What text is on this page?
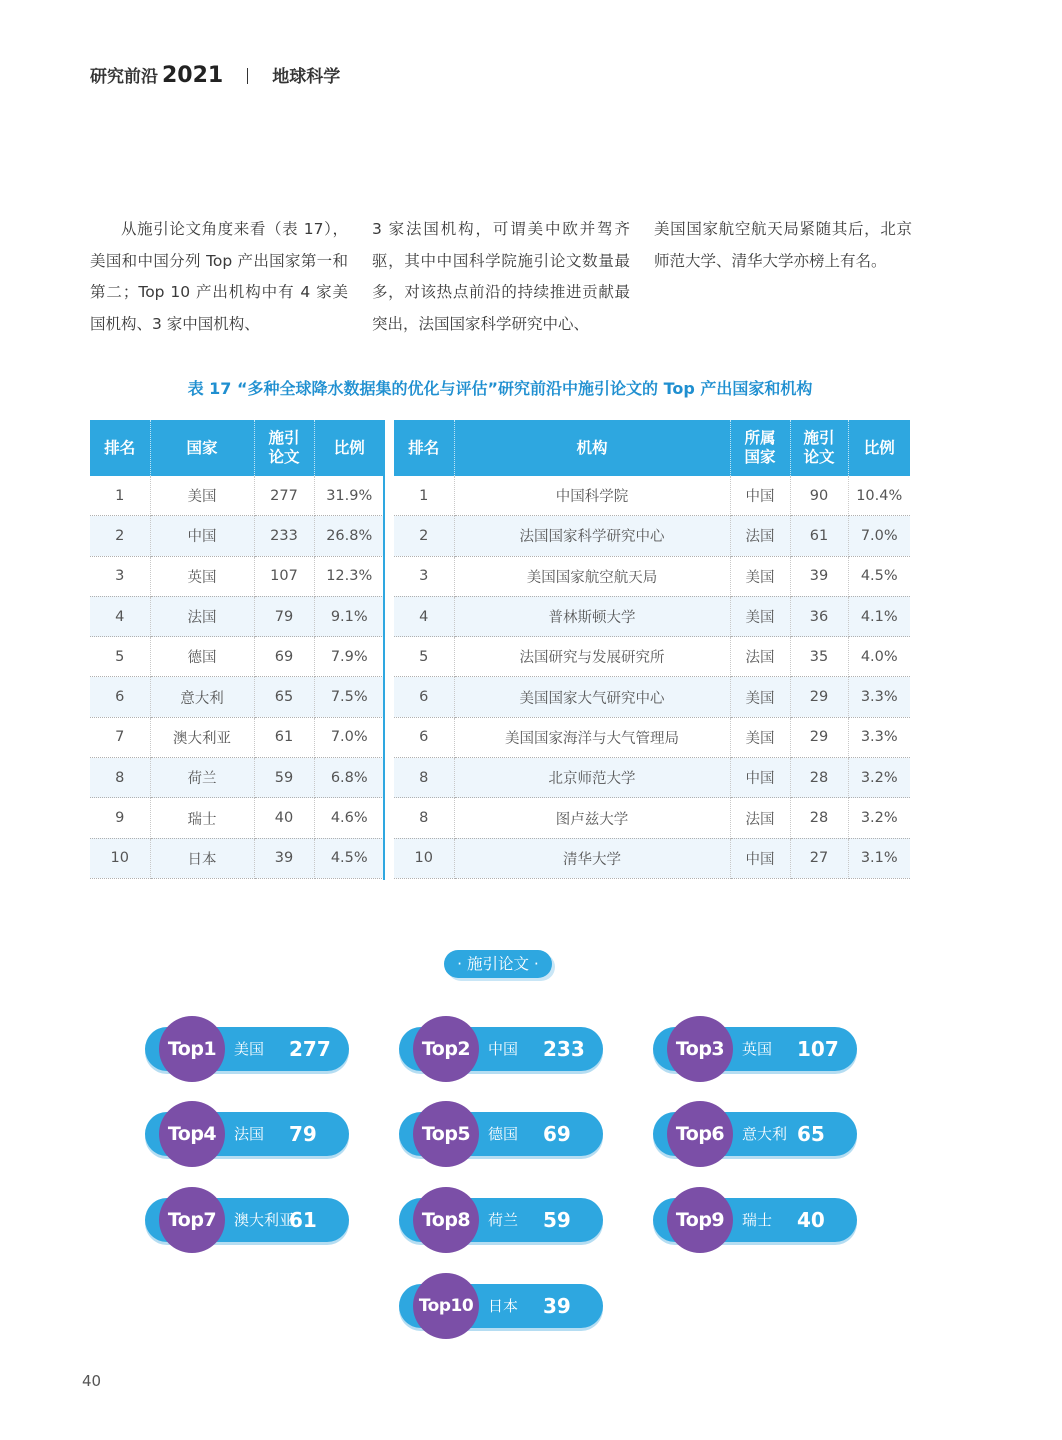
研究前沿 2021	地球科学

从施引论文角度来看（表 17），美国和中国分列 Top 产出国家第一和第二；Top 10 产出机构中有 4 家美国机构、3 家中国机构、

3 家法国机构，可谓美中欧并驾齐驱，其中中国科学院施引论文数量最多，对该热点前沿的持续推进贡献最突出，法国国家科学研究中心、

美国国家航空航天局紧随其后，北京师范大学、清华大学亦榜上有名。

表 17 “多种全球降水数据集的优化与评估”研究前沿中施引论文的 Top 产出国家和机构
排名	国家	施引论文	比例
1	美国	277	31.9%
2	中国	233	26.8%
3	英国	107	12.3%
4	法国	79	9.1%
5	德国	69	7.9%
6	意大利	65	7.5%
7	澳大利亚	61	7.0%
8	荷兰	59	6.8%
9	瑞士	40	4.6%
10	日本	39	4.5%
排名	机构	所属国家	施引论文	比例
1	中国科学院	中国	90	10.4%
2	法国国家科学研究中心	法国	61	7.0%
3	美国国家航空航天局	美国	39	4.5%
4	普林斯顿大学	美国	36	4.1%
5	法国研究与发展研究所	法国	35	4.0%
6	美国国家大气研究中心	美国	29	3.3%
6	美国国家海洋与大气管理局	美国	29	3.3%
8	北京师范大学	中国	28	3.2%
8	图卢兹大学	法国	28	3.2%
10	清华大学	中国	27	3.1%
· 施引论文 ·
Top1	美国 277	Top2	中国 233	Top3	英国 107
Top4	法国 79	Top5	德国 69	Top6	意大利 65
Top7	澳大利亚
61	Top8	荷兰 59	Top9	瑞士 40
Top10 日本 39
40
